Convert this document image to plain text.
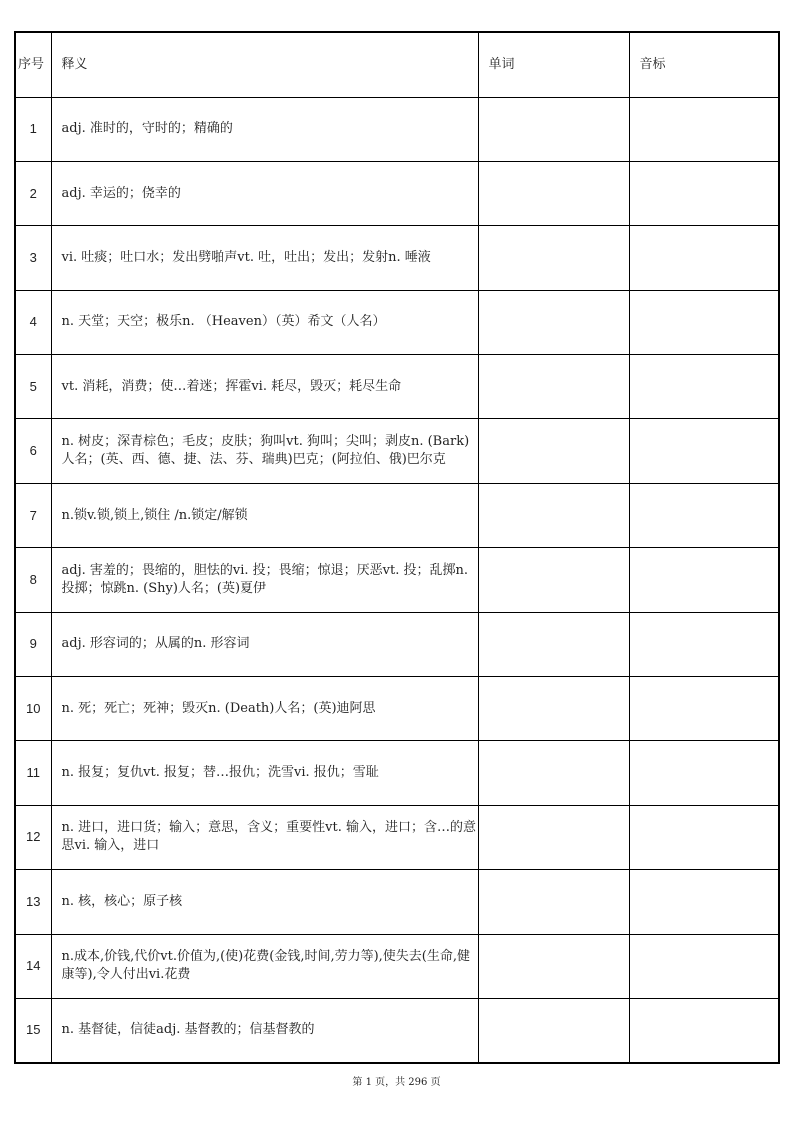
序号	释义	单词	音标
1	adj. 准时的，守时的；精确的		
2	adj. 幸运的；侥幸的		
3	vi. 吐痰；吐口水；发出劈啪声vt. 吐，吐出；发出；发射n. 唾液		
4	n. 天堂；天空；极乐n. （Heaven）（英）希文（人名）		
5	vt. 消耗，消费；使…着迷；挥霍vi. 耗尽，毁灭；耗尽生命		
6	n. 树皮；深青棕色；毛皮；皮肤；狗叫vt. 狗叫；尖叫；剥皮n. (Bark)人名；(英、西、德、捷、法、芬、瑞典)巴克；(阿拉伯、俄)巴尔克		
7	n.锁v.锁,锁上,锁住 /n.锁定/解锁		
8	adj. 害羞的；畏缩的，胆怯的vi. 投；畏缩；惊退；厌恶vt. 投；乱掷n. 投掷；惊跳n. (Shy)人名；(英)夏伊		
9	adj. 形容词的；从属的n. 形容词		
10	n. 死；死亡；死神；毁灭n. (Death)人名；(英)迪阿思		
11	n. 报复；复仇vt. 报复；替…报仇；洗雪vi. 报仇；雪耻		
12	n. 进口，进口货；输入；意思，含义；重要性vt. 输入，进口；含…的意思vi. 输入，进口		
13	n. 核，核心；原子核		
14	n.成本,价钱,代价vt.价值为,(使)花费(金钱,时间,劳力等),使失去(生命,健康等),令人付出vi.花费		
15	n. 基督徒，信徒adj. 基督教的；信基督教的		
第 1 页，共 296 页
